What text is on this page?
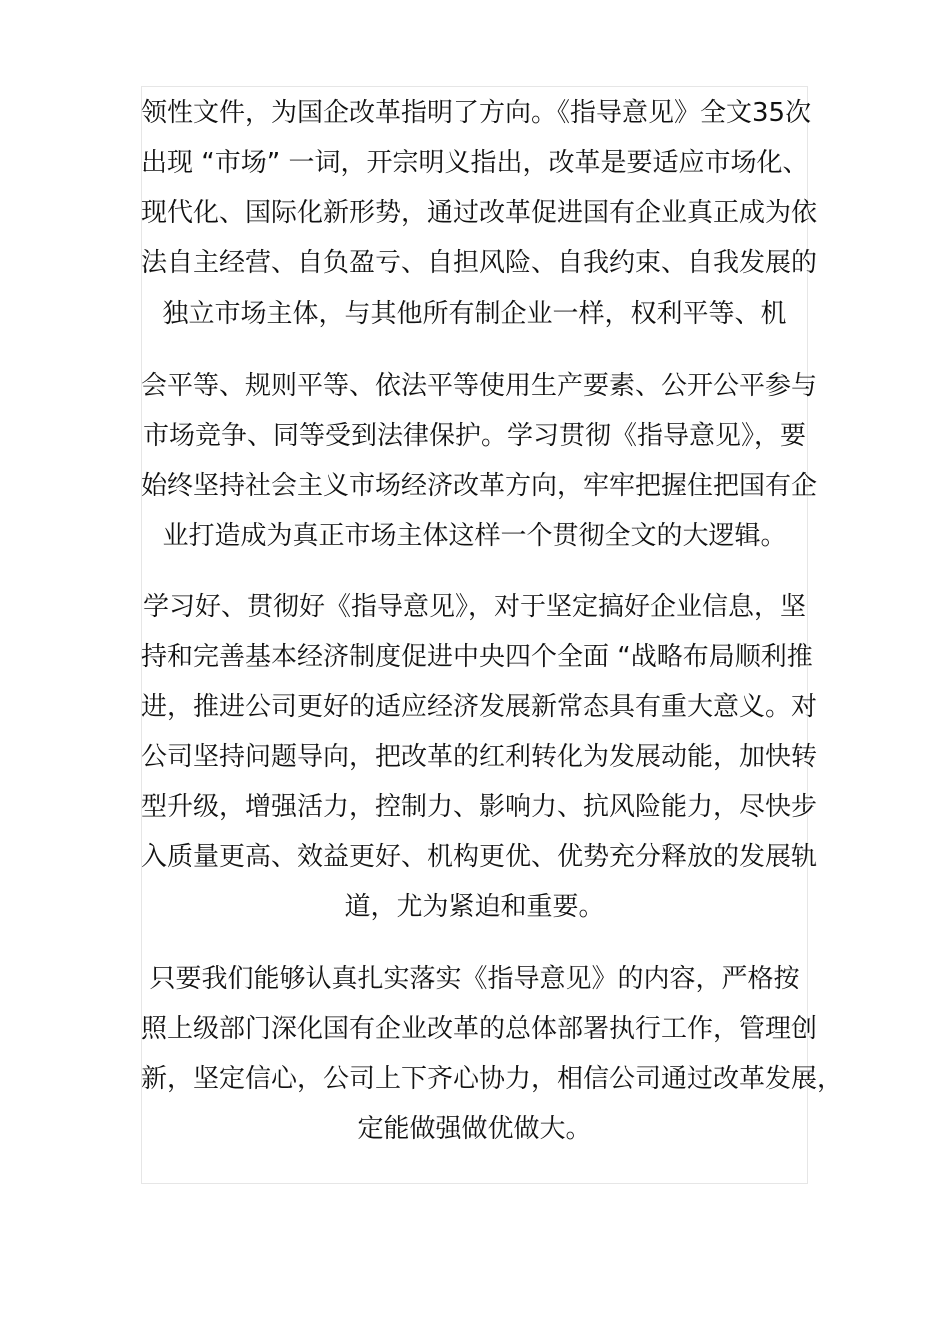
领性文件，为国企改革指明了方向。《指导意见》全文35次
出现 “市场” 一词，开宗明义指出，改革是要适应市场化、
现代化、国际化新形势，通过改革促进国有企业真正成为依
法自主经营、自负盈亏、自担风险、自我约束、自我发展的
独立市场主体，与其他所有制企业一样，权利平等、机
会平等、规则平等、依法平等使用生产要素、公开公平参与
市场竞争、同等受到法律保护。学习贯彻《指导意见》，要
始终坚持社会主义市场经济改革方向，牢牢把握住把国有企
业打造成为真正市场主体这样一个贯彻全文的大逻辑。
学习好、贯彻好《指导意见》，对于坚定搞好企业信息，坚
持和完善基本经济制度促进中央四个全面 “战略布局顺利推
进，推进公司更好的适应经济发展新常态具有重大意义。对
公司坚持问题导向，把改革的红利转化为发展动能，加快转
型升级，增强活力，控制力、影响力、抗风险能力，尽快步
入质量更高、效益更好、机构更优、优势充分释放的发展轨
道，尤为紧迫和重要。
只要我们能够认真扎实落实《指导意见》的内容，严格按
照上级部门深化国有企业改革的总体部署执行工作，管理创
新，坚定信心，公司上下齐心协力，相信公司通过改革发展，
定能做强做优做大。
